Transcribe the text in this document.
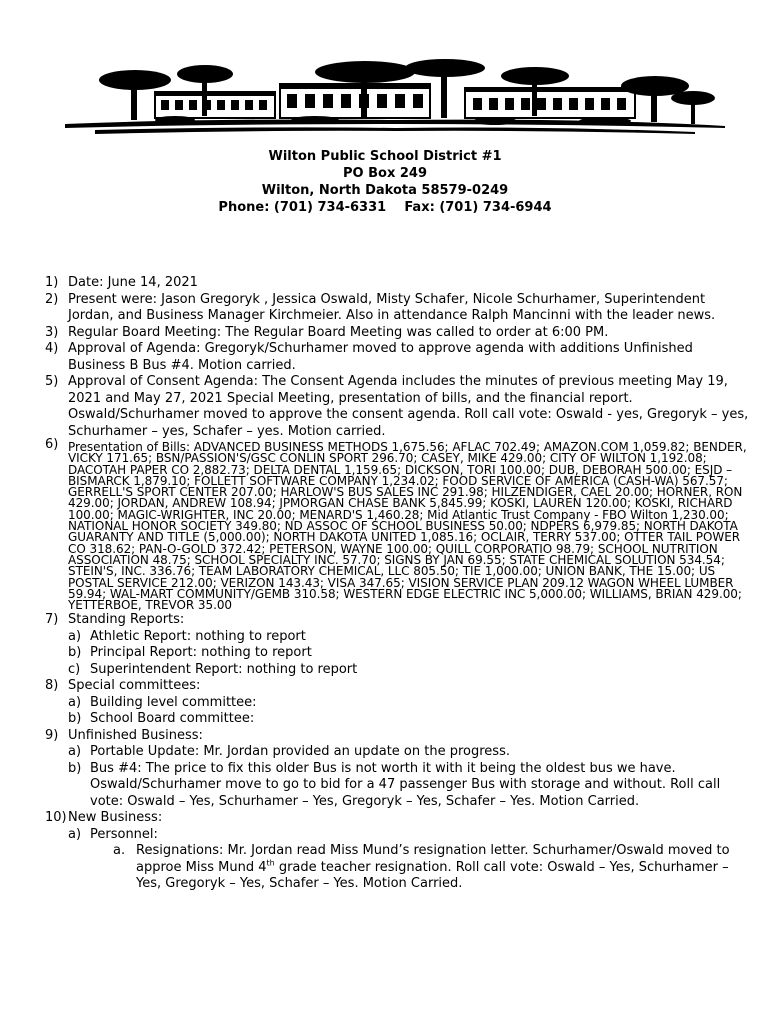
Wilton Public School District #1
PO Box 249
Wilton, North Dakota 58579-0249
Phone: (701) 734-6331 Fax: (701) 734-6944
1) Date: June 14, 2021
2) Present were: Jason Gregoryk , Jessica Oswald, Misty Schafer, Nicole Schurhamer, Superintendent Jordan, and Business Manager Kirchmeier. Also in attendance Ralph Mancinni with the leader news.
3) Regular Board Meeting: The Regular Board Meeting was called to order at 6:00 PM.
4) Approval of Agenda: Gregoryk/Schurhamer moved to approve agenda with additions Unfinished Business B Bus #4. Motion carried.
5) Approval of Consent Agenda: The Consent Agenda includes the minutes of previous meeting May 19, 2021 and May 27, 2021 Special Meeting, presentation of bills, and the financial report. Oswald/Schurhamer moved to approve the consent agenda. Roll call vote: Oswald - yes, Gregoryk – yes, Schurhamer – yes, Schafer – yes. Motion carried.
6) Presentation of Bills: ADVANCED BUSINESS METHODS 1,675.56; AFLAC 702.49; AMAZON.COM 1,059.82; BENDER, VICKY 171.65; BSN/PASSION'S/GSC CONLIN SPORT 296.70; CASEY, MIKE 429.00; CITY OF WILTON 1,192.08; DACOTAH PAPER CO 2,882.73; DELTA DENTAL 1,159.65; DICKSON, TORI 100.00; DUB, DEBORAH 500.00; ESJD – BISMARCK 1,879.10; FOLLETT SOFTWARE COMPANY 1,234.02; FOOD SERVICE OF AMERICA (CASH-WA) 567.57; GERRELL'S SPORT CENTER 207.00; HARLOW'S BUS SALES INC 291.98; HILZENDIGER, CAEL 20.00; HORNER, RON 429.00; JORDAN, ANDREW 108.94; JPMORGAN CHASE BANK 5,845.99; KOSKI, LAUREN 120.00; KOSKI, RICHARD 100.00; MAGIC-WRIGHTER, INC 20.00; MENARD'S 1,460.28; Mid Atlantic Trust Company - FBO Wilton 1,230.00; NATIONAL HONOR SOCIETY 349.80; ND ASSOC OF SCHOOL BUSINESS 50.00; NDPERS 6,979.85; NORTH DAKOTA GUARANTY AND TITLE (5,000.00); NORTH DAKOTA UNITED 1,085.16; OCLAIR, TERRY 537.00; OTTER TAIL POWER CO 318.62; PAN-O-GOLD 372.42; PETERSON, WAYNE 100.00; QUILL CORPORATIO 98.79; SCHOOL NUTRITION ASSOCIATION 48.75; SCHOOL SPECIALTY INC. 57.70; SIGNS BY JAN 69.55; STATE CHEMICAL SOLUTION 534.54; STEIN'S, INC. 336.76; TEAM LABORATORY CHEMICAL, LLC 805.50; TIE 1,000.00; UNION BANK, THE 15.00; US POSTAL SERVICE 212.00; VERIZON 143.43; VISA 347.65; VISION SERVICE PLAN 209.12 WAGON WHEEL LUMBER 59.94; WAL-MART COMMUNITY/GEMB 310.58; WESTERN EDGE ELECTRIC INC 5,000.00; WILLIAMS, BRIAN 429.00; YETTERBOE, TREVOR 35.00
7) Standing Reports:
a) Athletic Report: nothing to report
b) Principal Report: nothing to report
c) Superintendent Report: nothing to report
8) Special committees:
a) Building level committee:
b) School Board committee:
9) Unfinished Business:
a) Portable Update: Mr. Jordan provided an update on the progress.
b) Bus #4: The price to fix this older Bus is not worth it with it being the oldest bus we have. Oswald/Schurhamer move to go to bid for a 47 passenger Bus with storage and without. Roll call vote: Oswald – Yes, Schurhamer – Yes, Gregoryk – Yes, Schafer – Yes. Motion Carried.
10) New Business:
a) Personnel:
a. Resignations: Mr. Jordan read Miss Mund’s resignation letter. Schurhamer/Oswald moved to approe Miss Mund 4th grade teacher resignation. Roll call vote: Oswald – Yes, Schurhamer – Yes, Gregoryk – Yes, Schafer – Yes. Motion Carried.
